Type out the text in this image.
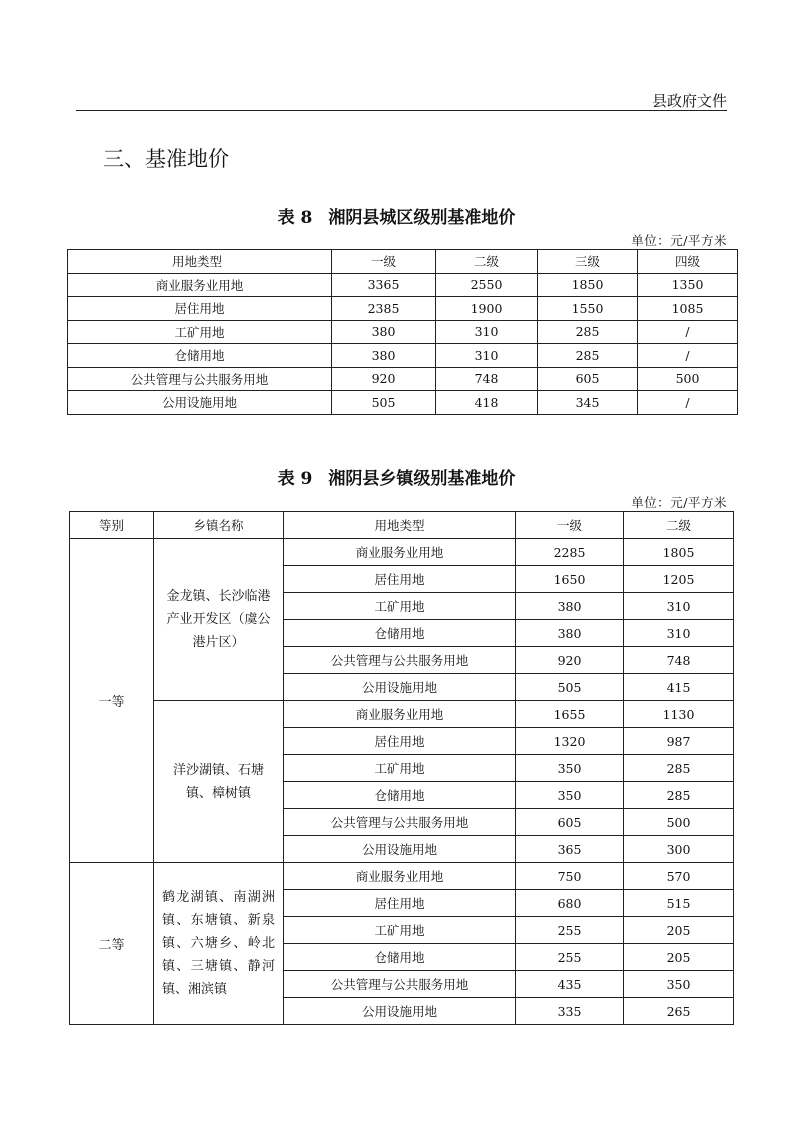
县政府文件
三、基准地价
表 8 湘阴县城区级别基准地价
单位：元/平方米
用地类型	一级	二级	三级	四级
商业服务业用地	3365	2550	1850	1350
居住用地	2385	1900	1550	1085
工矿用地	380	310	285	/
仓储用地	380	310	285	/
公共管理与公共服务用地	920	748	605	500
公用设施用地	505	418	345	/
表 9 湘阴县乡镇级别基准地价
单位：元/平方米
等别	乡镇名称	用地类型	一级	二级
一等	金龙镇、长沙临港产业开发区（虞公港片区）	商业服务业用地	2285	1805
		居住用地	1650	1205
		工矿用地	380	310
		仓储用地	380	310
		公共管理与公共服务用地	920	748
		公用设施用地	505	415
	洋沙湖镇、石塘镇、樟树镇	商业服务业用地	1655	1130
		居住用地	1320	987
		工矿用地	350	285
		仓储用地	350	285
		公共管理与公共服务用地	605	500
		公用设施用地	365	300
二等	鹤龙湖镇、南湖洲镇、东塘镇、新泉镇、六塘乡、岭北镇、三塘镇、静河镇、湘滨镇	商业服务业用地	750	570
		居住用地	680	515
		工矿用地	255	205
		仓储用地	255	205
		公共管理与公共服务用地	435	350
		公用设施用地	335	265
